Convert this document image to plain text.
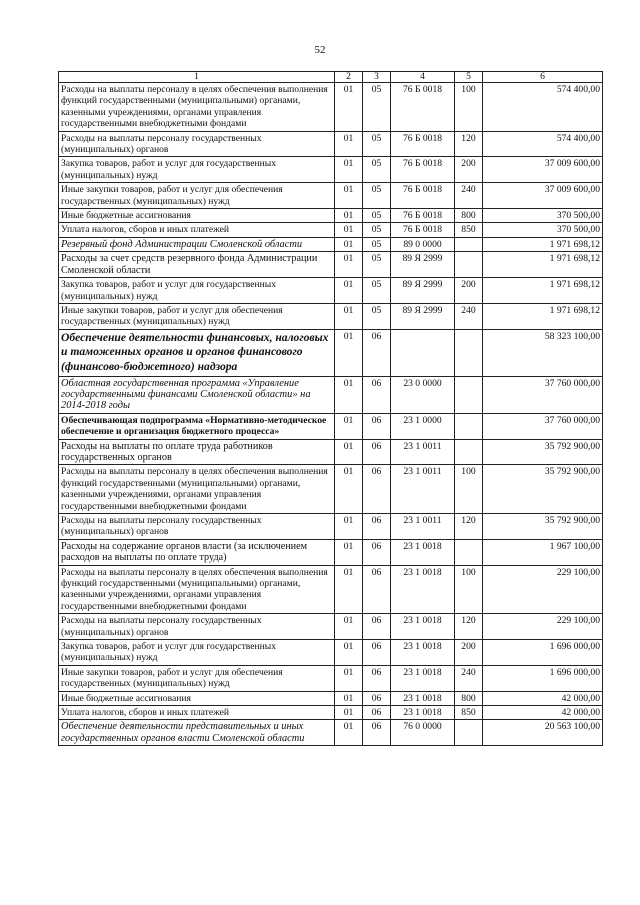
52
1	2	3	4	5	6
Расходы на выплаты персоналу в целях обеспечения выполнения функций государственными (муниципальными) органами, казенными учреждениями, органами управления государственными внебюджетными фондами	01	05	76 Б 0018	100	574 400,00
Расходы на выплаты персоналу государственных (муниципальных) органов	01	05	76 Б 0018	120	574 400,00
Закупка товаров, работ и услуг для государственных (муниципальных) нужд	01	05	76 Б 0018	200	37 009 600,00
Иные закупки товаров, работ и услуг для обеспечения государственных (муниципальных) нужд	01	05	76 Б 0018	240	37 009 600,00
Иные бюджетные ассигнования	01	05	76 Б 0018	800	370 500,00
Уплата налогов, сборов и иных платежей	01	05	76 Б 0018	850	370 500,00
Резервный фонд Администрации Смоленской области	01	05	89 0 0000		1 971 698,12
Расходы за счет средств резервного фонда Администрации Смоленской области	01	05	89 Я 2999		1 971 698,12
Закупка товаров, работ и услуг для государственных (муниципальных) нужд	01	05	89 Я 2999	200	1 971 698,12
Иные закупки товаров, работ и услуг для обеспечения государственных (муниципальных) нужд	01	05	89 Я 2999	240	1 971 698,12
Обеспечение деятельности финансовых, налоговых и таможенных органов и органов финансового (финансово-бюджетного) надзора	01	06			58 323 100,00
Областная государственная программа «Управление государственными финансами Смоленской области» на 2014-2018 годы	01	06	23 0 0000		37 760 000,00
Обеспечивающая подпрограмма «Нормативно-методическое обеспечение и организация бюджетного процесса»	01	06	23 1 0000		37 760 000,00
Расходы на выплаты по оплате труда работников государственных органов	01	06	23 1 0011		35 792 900,00
Расходы на выплаты персоналу в целях обеспечения выполнения функций государственными (муниципальными) органами, казенными учреждениями, органами управления государственными внебюджетными фондами	01	06	23 1 0011	100	35 792 900,00
Расходы на выплаты персоналу государственных (муниципальных) органов	01	06	23 1 0011	120	35 792 900,00
Расходы на содержание органов власти (за исключением расходов на выплаты по оплате труда)	01	06	23 1 0018		1 967 100,00
Расходы на выплаты персоналу в целях обеспечения выполнения функций государственными (муниципальными) органами, казенными учреждениями, органами управления государственными внебюджетными фондами	01	06	23 1 0018	100	229 100,00
Расходы на выплаты персоналу государственных (муниципальных) органов	01	06	23 1 0018	120	229 100,00
Закупка товаров, работ и услуг для государственных (муниципальных) нужд	01	06	23 1 0018	200	1 696 000,00
Иные закупки товаров, работ и услуг для обеспечения государственных (муниципальных) нужд	01	06	23 1 0018	240	1 696 000,00
Иные бюджетные ассигнования	01	06	23 1 0018	800	42 000,00
Уплата налогов, сборов и иных платежей	01	06	23 1 0018	850	42 000,00
Обеспечение деятельности представительных и иных государственных органов власти Смоленской области	01	06	76 0 0000		20 563 100,00
